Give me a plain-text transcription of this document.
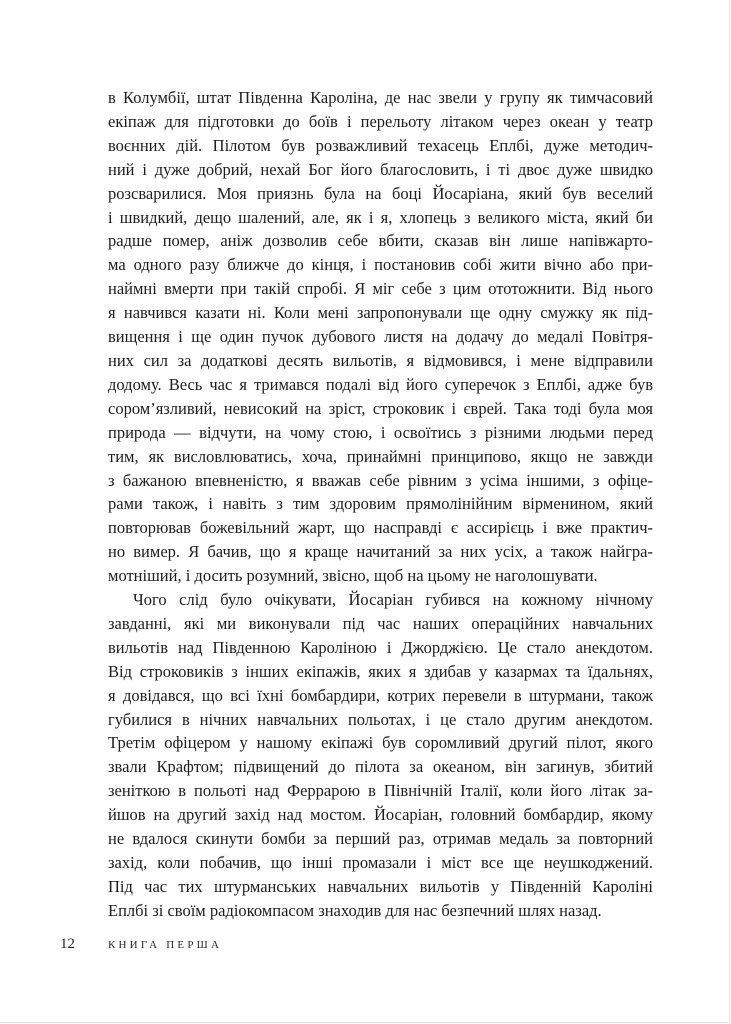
в Колумбії, штат Південна Кароліна, де нас звели у групу як тимчасовий
екіпаж для підготовки до боїв і перельоту літаком через океан у театр
воєнних дій. Пілотом був розважливий техасець Еплбі, дуже методич-
ний і дуже добрий, нехай Бог його благословить, і ті двоє дуже швидко
розсварилися. Моя приязнь була на боці Йосаріана, який був веселий
і швидкий, дещо шалений, але, як і я, хлопець з великого міста, який би
радше помер, аніж дозволив себе вбити, сказав він лише напівжарто-
ма одного разу ближче до кінця, і постановив собі жити вічно або при-
наймні вмерти при такій спробі. Я міг себе з цим ототожнити. Від нього
я навчився казати ні. Коли мені запропонували ще одну смужку як під-
вищення і ще один пучок дубового листя на додачу до медалі Повітря-
них сил за додаткові десять вильотів, я відмовився, і мене відправили
додому. Весь час я тримався подалі від його суперечок з Еплбі, адже був
сором’язливий, невисокий на зріст, строковик і єврей. Така тоді була моя
природа — відчути, на чому стою, і освоїтись з різними людьми перед
тим, як висловлюватись, хоча, принаймні принципово, якщо не завжди
з бажаною впевненістю, я вважав себе рівним з усіма іншими, з офіце-
рами також, і навіть з тим здоровим прямолінійним вірменином, який
повторював божевільний жарт, що насправді є ассирієць і вже практич-
но вимер. Я бачив, що я краще начитаний за них усіх, а також найгра-
мотніший, і досить розумний, звісно, щоб на цьому не наголошувати.
Чого слід було очікувати, Йосаріан губився на кожному нічному
завданні, які ми виконували під час наших операційних навчальних
вильотів над Південною Кароліною і Джорджією. Це стало анекдотом.
Від строковиків з інших екіпажів, яких я здибав у казармах та їдальнях,
я довідався, що всі їхні бомбардири, котрих перевели в штурмани, також
губилися в нічних навчальних польотах, і це стало другим анекдотом.
Третім офіцером у нашому екіпажі був соромливий другий пілот, якого
звали Крафтом; підвищений до пілота за океаном, він загинув, збитий
зеніткою в польоті над Феррарою в Північній Італії, коли його літак за-
йшов на другий захід над мостом. Йосаріан, головний бомбардир, якому
не вдалося скинути бомби за перший раз, отримав медаль за повторний
захід, коли побачив, що інші промазали і міст все ще неушкоджений.
Під час тих штурманських навчальних вильотів у Південній Кароліні
Еплбі зі своїм радіокомпасом знаходив для нас безпечний шлях назад.
12	КНИГА ПЕРША
